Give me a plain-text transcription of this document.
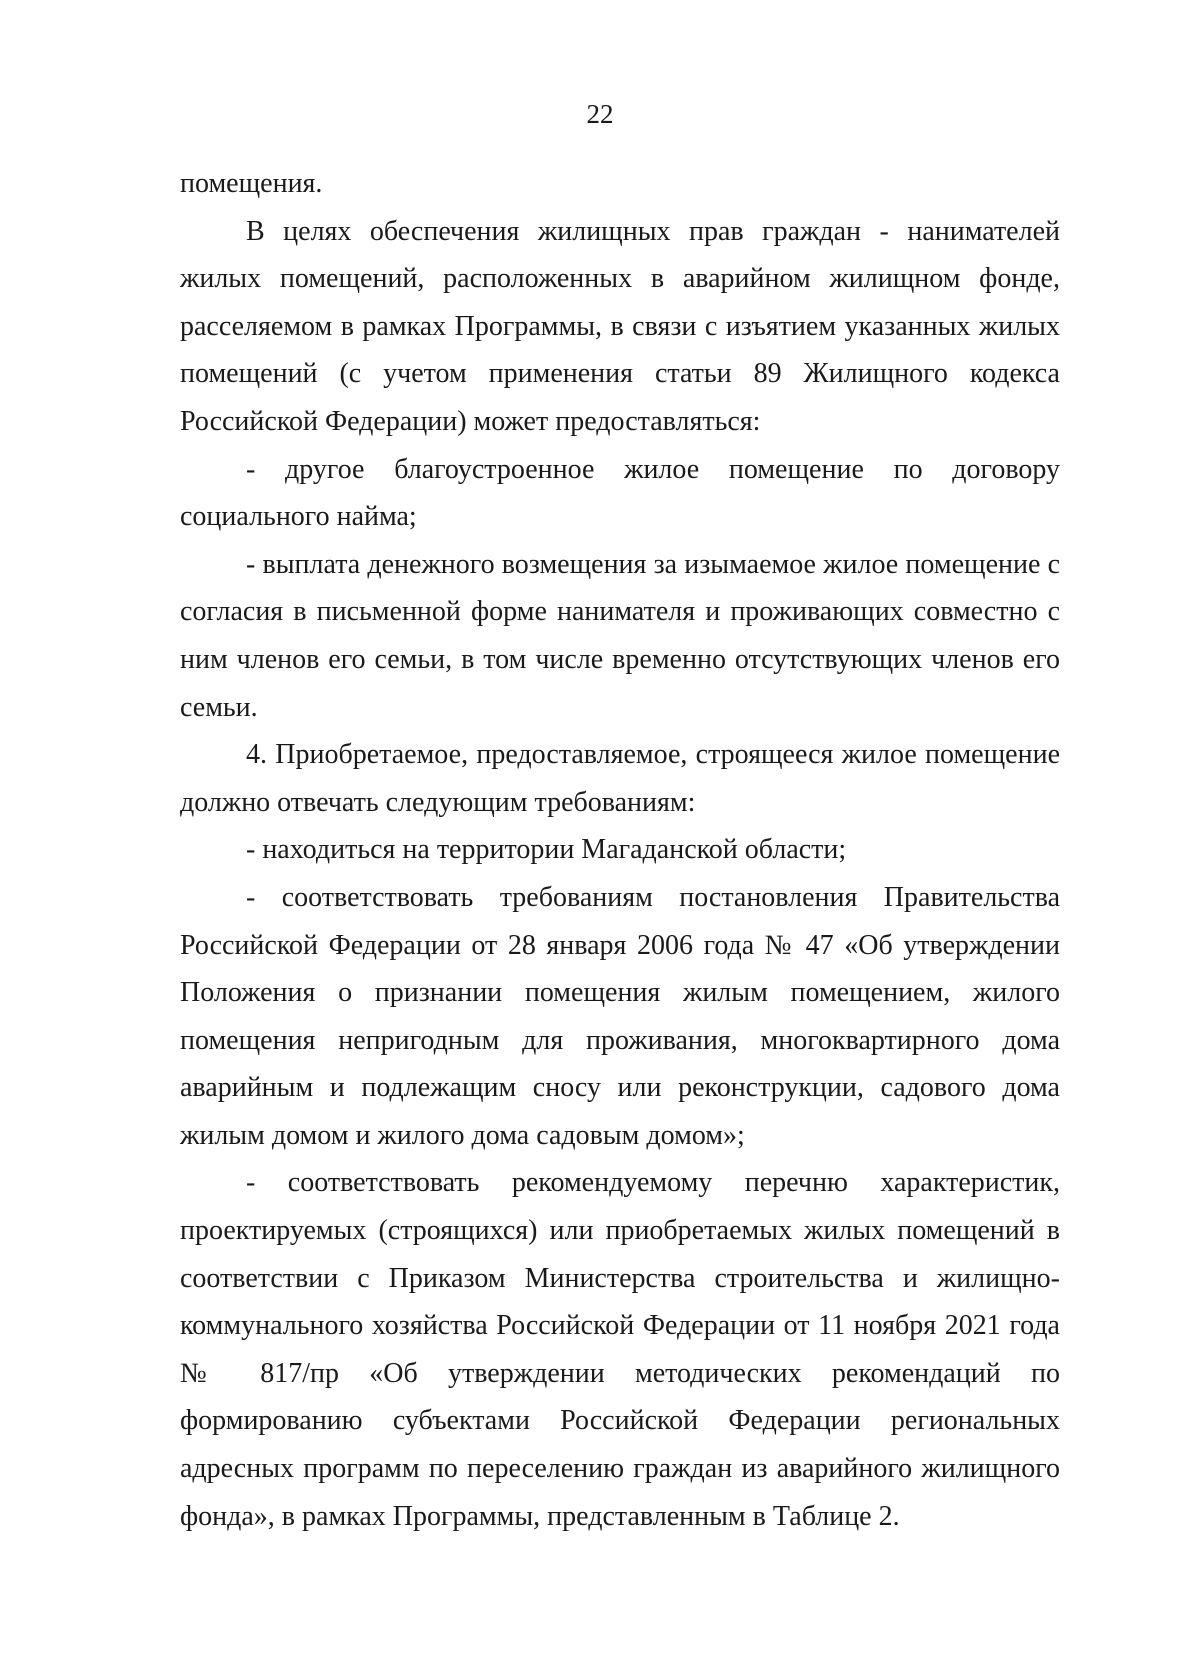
22

помещения.

В целях обеспечения жилищных прав граждан - нанимателей жилых помещений, расположенных в аварийном жилищном фонде, расселяемом в рамках Программы, в связи с изъятием указанных жилых помещений (с учетом применения статьи 89 Жилищного кодекса Российской Федерации) может предоставляться:

- другое благоустроенное жилое помещение по договору социального найма;

- выплата денежного возмещения за изымаемое жилое помещение с согласия в письменной форме нанимателя и проживающих совместно с ним членов его семьи, в том числе временно отсутствующих членов его семьи.

4. Приобретаемое, предоставляемое, строящееся жилое помещение должно отвечать следующим требованиям:

- находиться на территории Магаданской области;

- соответствовать требованиям постановления Правительства Российской Федерации от 28 января 2006 года № 47 «Об утверждении Положения о признании помещения жилым помещением, жилого помещения непригодным для проживания, многоквартирного дома аварийным и подлежащим сносу или реконструкции, садового дома жилым домом и жилого дома садовым домом»;

- соответствовать рекомендуемому перечню характеристик, проектируемых (строящихся) или приобретаемых жилых помещений в соответствии с Приказом Министерства строительства и жилищно-коммунального хозяйства Российской Федерации от 11 ноября 2021 года № 817/пр «Об утверждении методических рекомендаций по формированию субъектами Российской Федерации региональных адресных программ по переселению граждан из аварийного жилищного фонда», в рамках Программы, представленным в Таблице 2.
